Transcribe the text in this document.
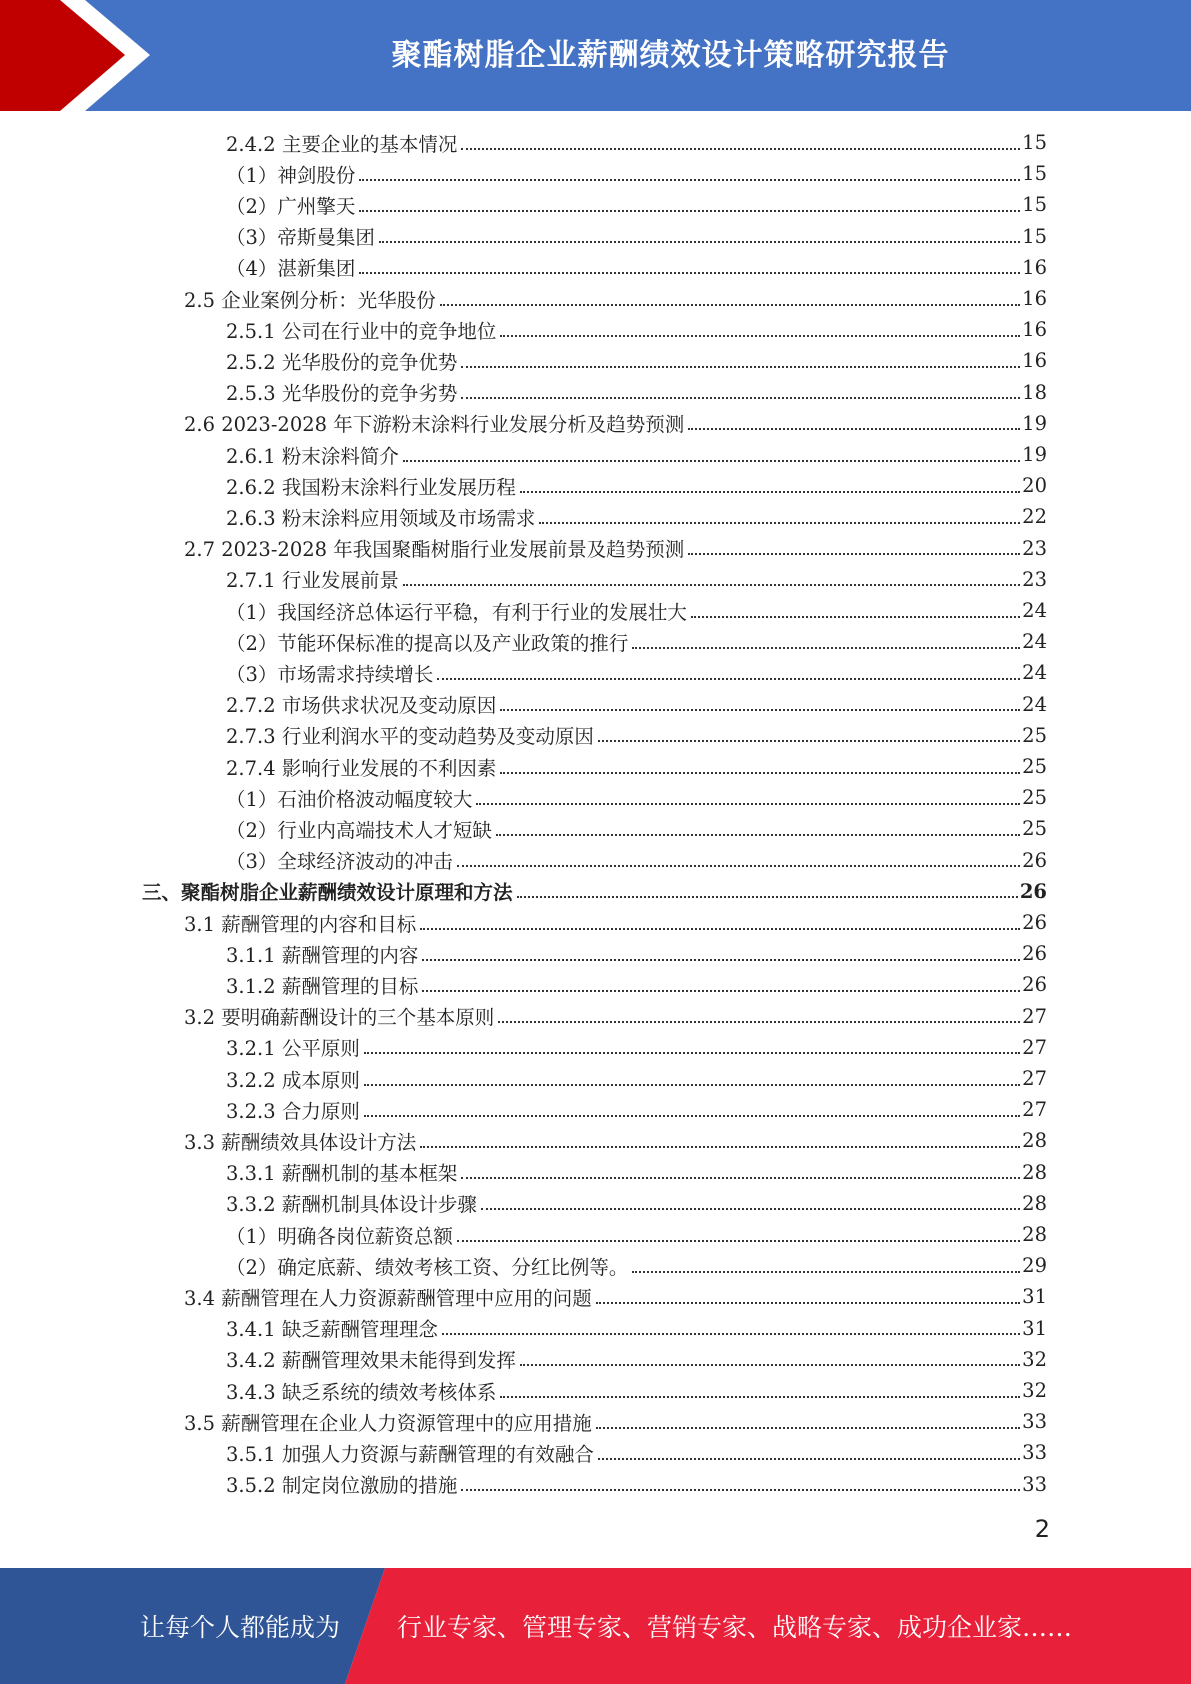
聚酯树脂企业薪酬绩效设计策略研究报告
2.4.2 主要企业的基本情况	15
（1）神剑股份	15
（2）广州擎天	15
（3）帝斯曼集团	15
（4）湛新集团	16
2.5 企业案例分析：光华股份	16
2.5.1 公司在行业中的竞争地位	16
2.5.2 光华股份的竞争优势	16
2.5.3 光华股份的竞争劣势	18
2.6 2023-2028 年下游粉末涂料行业发展分析及趋势预测	19
2.6.1 粉末涂料简介	19
2.6.2 我国粉末涂料行业发展历程	20
2.6.3 粉末涂料应用领域及市场需求	22
2.7 2023-2028 年我国聚酯树脂行业发展前景及趋势预测	23
2.7.1 行业发展前景	23
（1）我国经济总体运行平稳，有利于行业的发展壮大	24
（2）节能环保标准的提高以及产业政策的推行	24
（3）市场需求持续增长	24
2.7.2 市场供求状况及变动原因	24
2.7.3 行业利润水平的变动趋势及变动原因	25
2.7.4 影响行业发展的不利因素	25
（1）石油价格波动幅度较大	25
（2）行业内高端技术人才短缺	25
（3）全球经济波动的冲击	26
三、聚酯树脂企业薪酬绩效设计原理和方法	26
3.1 薪酬管理的内容和目标	26
3.1.1 薪酬管理的内容	26
3.1.2 薪酬管理的目标	26
3.2 要明确薪酬设计的三个基本原则	27
3.2.1 公平原则	27
3.2.2 成本原则	27
3.2.3 合力原则	27
3.3 薪酬绩效具体设计方法	28
3.3.1 薪酬机制的基本框架	28
3.3.2 薪酬机制具体设计步骤	28
（1）明确各岗位薪资总额	28
（2）确定底薪、绩效考核工资、分红比例等。	29
3.4 薪酬管理在人力资源薪酬管理中应用的问题	31
3.4.1 缺乏薪酬管理理念	31
3.4.2 薪酬管理效果未能得到发挥	32
3.4.3 缺乏系统的绩效考核体系	32
3.5 薪酬管理在企业人力资源管理中的应用措施	33
3.5.1 加强人力资源与薪酬管理的有效融合	33
3.5.2 制定岗位激励的措施	33
2
让每个人都能成为 行业专家、管理专家、营销专家、战略专家、成功企业家……
